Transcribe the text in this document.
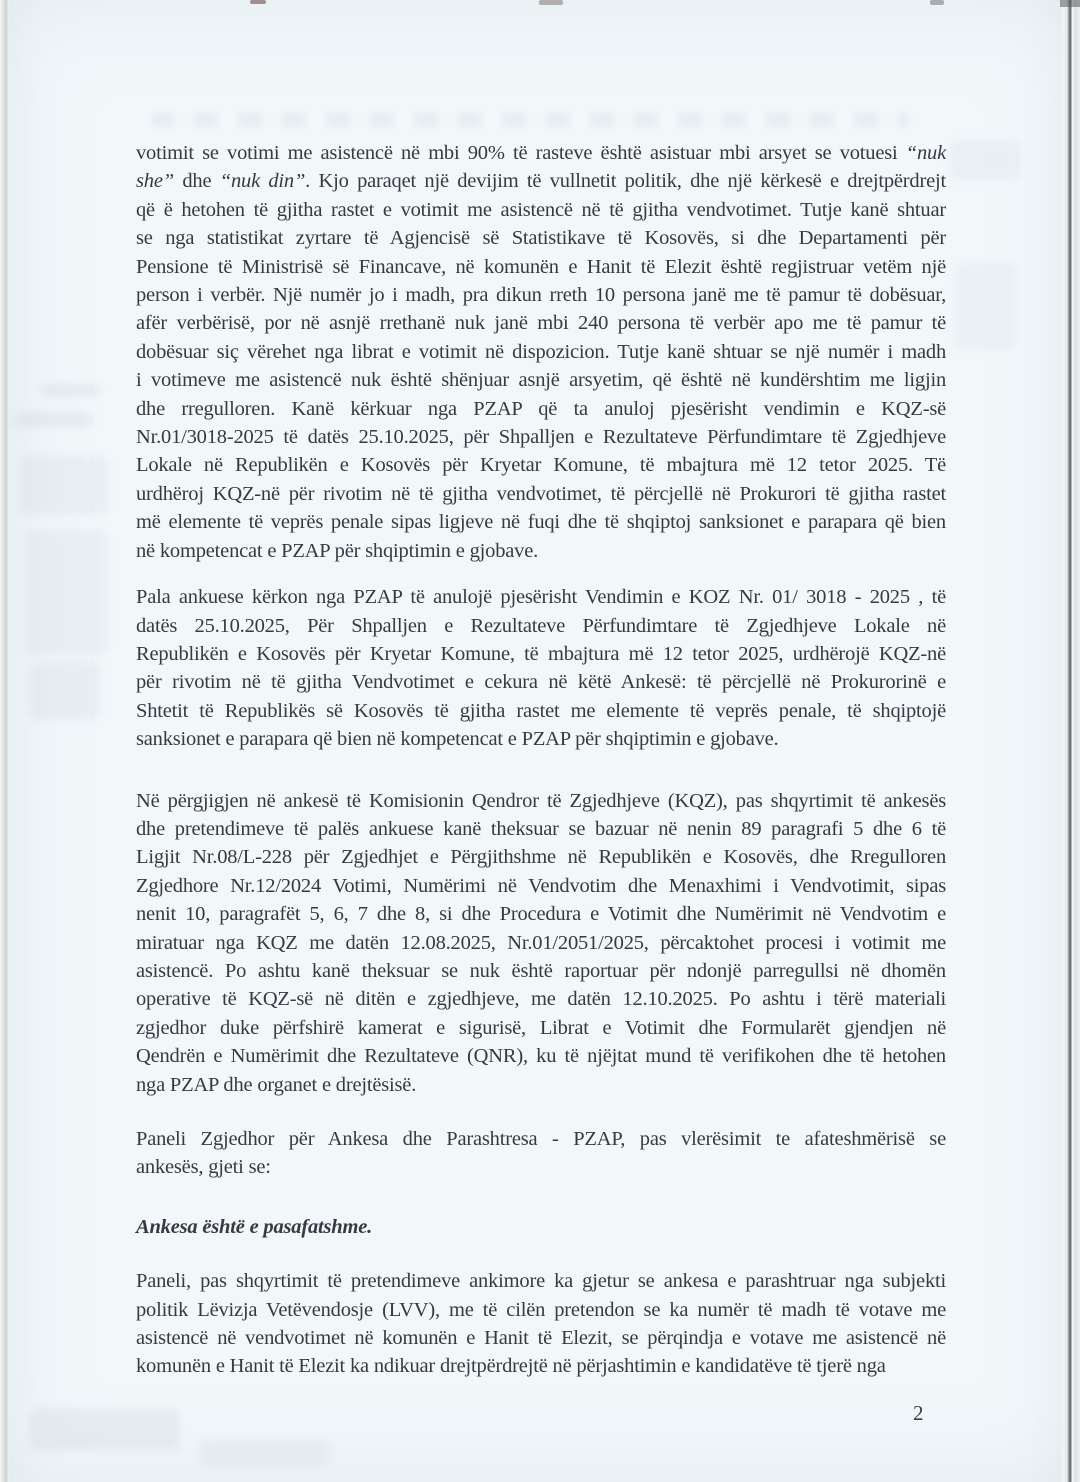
votimit se votimi me asistencë në mbi 90% të rasteve është asistuar mbi arsyet se votuesi “nuk
she” dhe “nuk din”. Kjo paraqet një devijim të vullnetit politik, dhe një kërkesë e drejtpërdrejt
që ë hetohen të gjitha rastet e votimit me asistencë në të gjitha vendvotimet. Tutje kanë shtuar
se nga statistikat zyrtare të Agjencisë së Statistikave të Kosovës, si dhe Departamenti për
Pensione të Ministrisë së Financave, në komunën e Hanit të Elezit është regjistruar vetëm një
person i verbër. Një numër jo i madh, pra dikun rreth 10 persona janë me të pamur të dobësuar,
afër verbërisë, por në asnjë rrethanë nuk janë mbi 240 persona të verbër apo me të pamur të
dobësuar siç vërehet nga librat e votimit në dispozicion. Tutje kanë shtuar se një numër i madh
i votimeve me asistencë nuk është shënjuar asnjë arsyetim, që është në kundërshtim me ligjin
dhe rregulloren. Kanë kërkuar nga PZAP që ta anuloj pjesërisht vendimin e KQZ-së
Nr.01/3018-2025 të datës 25.10.2025, për Shpalljen e Rezultateve Përfundimtare të Zgjedhjeve
Lokale në Republikën e Kosovës për Kryetar Komune, të mbajtura më 12 tetor 2025. Të
urdhëroj KQZ-në për rivotim në të gjitha vendvotimet, të përcjellë në Prokurori të gjitha rastet
më elemente të veprës penale sipas ligjeve në fuqi dhe të shqiptoj sanksionet e parapara që bien
në kompetencat e PZAP për shqiptimin e gjobave.
Pala ankuese kërkon nga PZAP të anulojë pjesërisht Vendimin e KOZ Nr. 01/ 3018 - 2025 , të
datës 25.10.2025, Për Shpalljen e Rezultateve Përfundimtare të Zgjedhjeve Lokale në
Republikën e Kosovës për Kryetar Komune, të mbajtura më 12 tetor 2025, urdhërojë KQZ-në
për rivotim në të gjitha Vendvotimet e cekura në këtë Ankesë: të përcjellë në Prokurorinë e
Shtetit të Republikës së Kosovës të gjitha rastet me elemente të veprës penale, të shqiptojë
sanksionet e parapara që bien në kompetencat e PZAP për shqiptimin e gjobave.
Në përgjigjen në ankesë të Komisionin Qendror të Zgjedhjeve (KQZ), pas shqyrtimit të ankesës
dhe pretendimeve të palës ankuese kanë theksuar se bazuar në nenin 89 paragrafi 5 dhe 6 të
Ligjit Nr.08/L-228 për Zgjedhjet e Përgjithshme në Republikën e Kosovës, dhe Rregulloren
Zgjedhore Nr.12/2024 Votimi, Numërimi në Vendvotim dhe Menaxhimi i Vendvotimit, sipas
nenit 10, paragrafët 5, 6, 7 dhe 8, si dhe Procedura e Votimit dhe Numërimit në Vendvotim e
miratuar nga KQZ me datën 12.08.2025, Nr.01/2051/2025, përcaktohet procesi i votimit me
asistencë. Po ashtu kanë theksuar se nuk është raportuar për ndonjë parregullsi në dhomën
operative të KQZ-së në ditën e zgjedhjeve, me datën 12.10.2025. Po ashtu i tërë materiali
zgjedhor duke përfshirë kamerat e sigurisë, Librat e Votimit dhe Formularët gjendjen në
Qendrën e Numërimit dhe Rezultateve (QNR), ku të njëjtat mund të verifikohen dhe të hetohen
nga PZAP dhe organet e drejtësisë.
Paneli Zgjedhor për Ankesa dhe Parashtresa - PZAP, pas vlerësimit te afateshmërisë se
ankesës, gjeti se:
Ankesa është e pasafatshme.
Paneli, pas shqyrtimit të pretendimeve ankimore ka gjetur se ankesa e parashtruar nga subjekti
politik Lëvizja Vetëvendosje (LVV), me të cilën pretendon se ka numër të madh të votave me
asistencë në vendvotimet në komunën e Hanit të Elezit, se përqindja e votave me asistencë në
komunën e Hanit të Elezit ka ndikuar drejtpërdrejtë në përjashtimin e kandidatëve të tjerë nga
2
